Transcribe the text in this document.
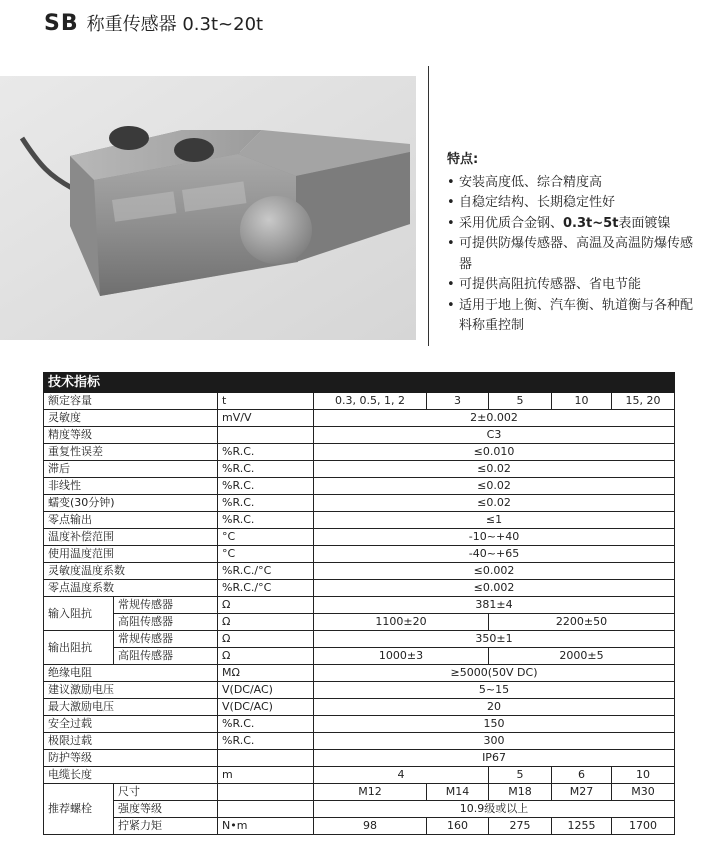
SB 称重传感器 0.3t~20t
特点:
• 安装高度低、综合精度高
• 自稳定结构、长期稳定性好
• 采用优质合金钢、0.3t~5t表面镀镍
• 可提供防爆传感器、高温及高温防爆传感器
• 可提供高阻抗传感器、省电节能
• 适用于地上衡、汽车衡、轨道衡与各种配料称重控制
技术指标							
额定容量		t	0.3, 0.5, 1, 2	3	5	10	15, 20
灵敏度		mV/V	2±0.002				
精度等级			C3				
重复性误差		%R.C.	≤0.010				
滞后		%R.C.	≤0.02				
非线性		%R.C.	≤0.02				
蠕变(30分钟)		%R.C.	≤0.02				
零点输出		%R.C.	≤1				
温度补偿范围		°C	-10~+40				
使用温度范围		°C	-40~+65				
灵敏度温度系数		%R.C./°C	≤0.002				
零点温度系数		%R.C./°C	≤0.002				
输入阻抗	常规传感器	Ω	381±4				
	高阻传感器	Ω	1100±20		2200±50		
输出阻抗	常规传感器	Ω	350±1				
	高阻传感器	Ω	1000±3		2000±5		
绝缘电阻		MΩ	≥5000(50V DC)				
建议激励电压		V(DC/AC)	5~15				
最大激励电压		V(DC/AC)	20				
安全过载		%R.C.	150				
极限过载		%R.C.	300				
防护等级			IP67				
电缆长度		m	4		5	6	10
推荐螺栓	尺寸		M12	M14	M18	M27	M30
	强度等级		10.9级或以上				
	拧紧力矩	N•m	98	160	275	1255	1700
